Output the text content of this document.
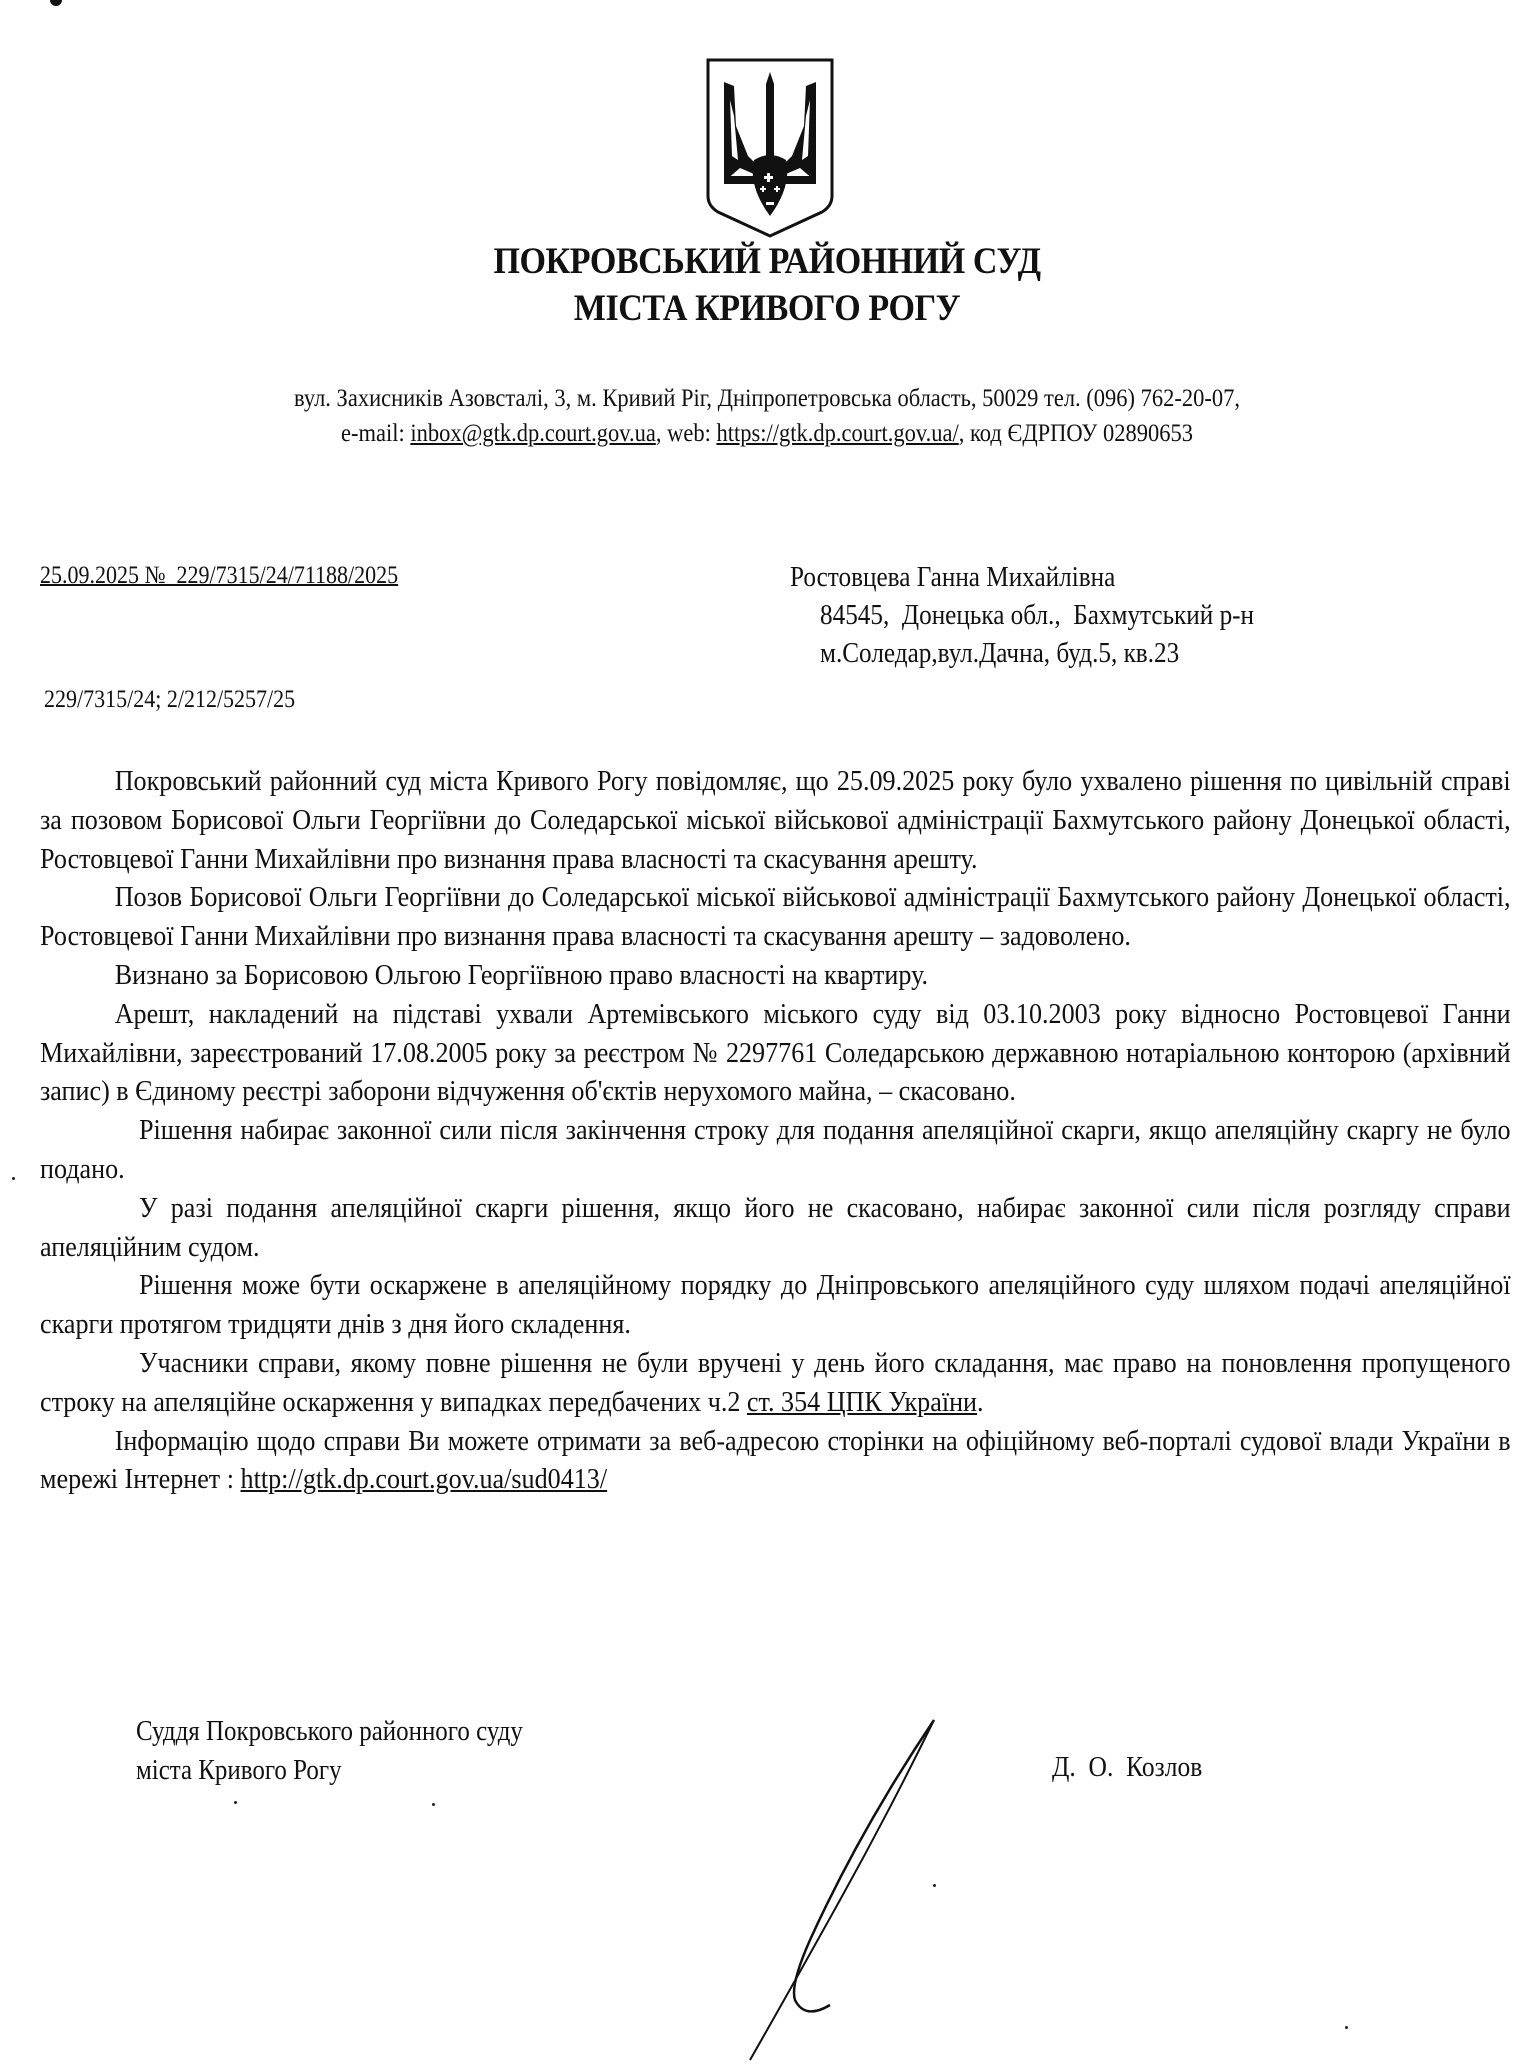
ПОКРОВСЬКИЙ РАЙОННИЙ СУД
МІСТА КРИВОГО РОГУ
вул. Захисників Азовсталі, 3, м. Кривий Ріг, Дніпропетровська область, 50029 тел. (096) 762-20-07,
e-mail: inbox@gtk.dp.court.gov.ua, web: https://gtk.dp.court.gov.ua/, код ЄДРПОУ 02890653
25.09.2025 № 229/7315/24/71188/2025
229/7315/24; 2/212/5257/25
Ростовцева Ганна Михайлівна
84545,  Донецька обл.,  Бахмутський р-н
м.Соледар,вул.Дачна, буд.5, кв.23

Покровський районний суд міста Кривого Рогу повідомляє, що 25.09.2025 року було ухвалено рішення по цивільній справі за позовом Борисової Ольги Георгіївни до Соледарської міської військової адміністрації Бахмутського району Донецької області, Ростовцевої Ганни Михайлівни про визнання права власності та скасування арешту.

Позов Борисової Ольги Георгіївни до Соледарської міської військової адміністрації Бахмутського району Донецької області, Ростовцевої Ганни Михайлівни про визнання права власності та скасування арешту – задоволено.

Визнано за Борисовою Ольгою Георгіївною право власності на квартиру.

Арешт, накладений на підставі ухвали Артемівського міського суду від 03.10.2003 року відносно Ростовцевої Ганни Михайлівни, зареєстрований 17.08.2005 року за реєстром № 2297761 Соледарською державною нотаріальною конторою (архівний запис) в Єдиному реєстрі заборони відчуження об'єктів нерухомого майна, – скасовано.

Рішення набирає законної сили після закінчення строку для подання апеляційної скарги, якщо апеляційну скаргу не було подано.

У разі подання апеляційної скарги рішення, якщо його не скасовано, набирає законної сили після розгляду справи апеляційним судом.

Рішення може бути оскаржене в апеляційному порядку до Дніпровського апеляційного суду шляхом подачі апеляційної скарги протягом тридцяти днів з дня його складення.

Учасники справи, якому повне рішення не були вручені у день його складання, має право на поновлення пропущеного строку на апеляційне оскарження у випадках передбачених ч.2 ст. 354 ЦПК України.

Інформацію щодо справи Ви можете отримати за веб-адресою сторінки на офіційному веб-порталі судової влади України в мережі Інтернет : http://gtk.dp.court.gov.ua/sud0413/

Суддя Покровського районного суду
міста Кривого Рогу	Д.  О.  Козлов
